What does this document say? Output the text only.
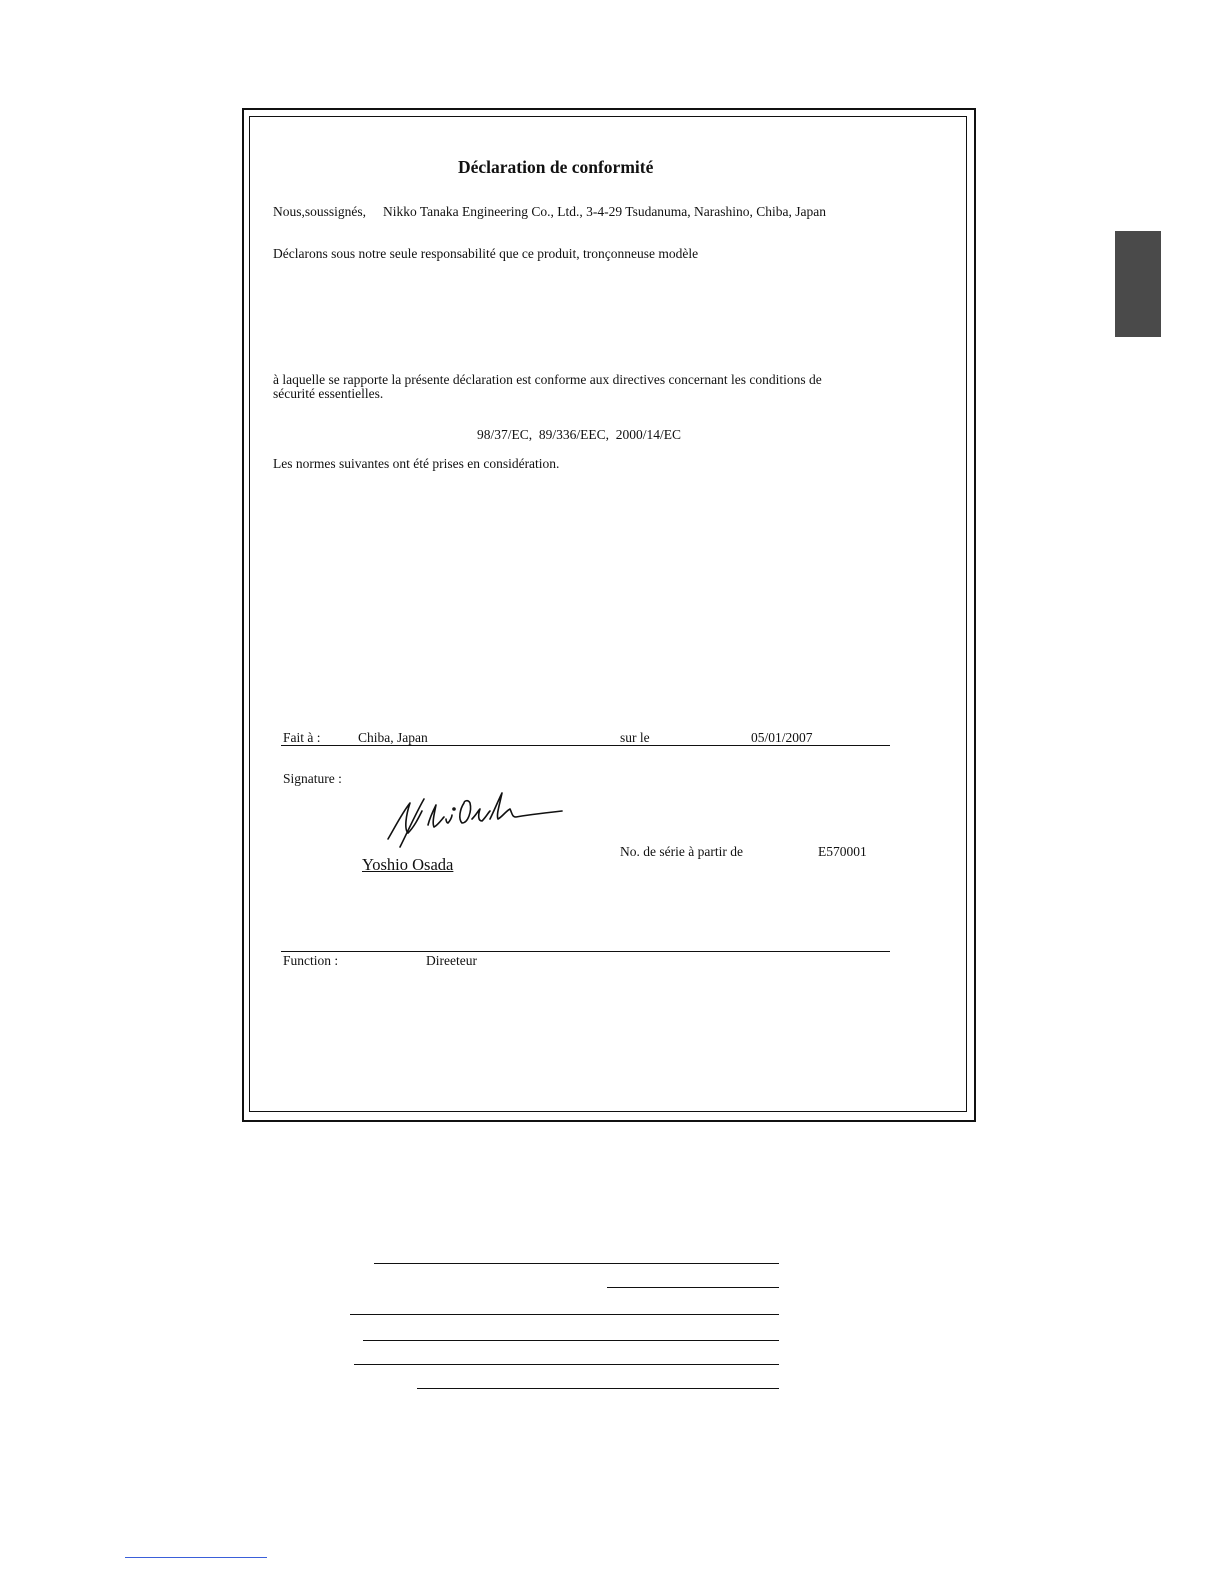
Déclaration de conformité
Nous,soussignés, Nikko Tanaka Engineering Co., Ltd., 3-4-29 Tsudanuma, Narashino, Chiba, Japan
Déclarons sous notre seule responsabilité que ce produit, tronçonneuse modèle
à laquelle se rapporte la présente déclaration est conforme aux directives concernant les conditions de
sécurité essentielles.
98/37/EC,  89/336/EEC,  2000/14/EC
Les normes suivantes ont été prises en considération.
Fait à :	Chiba, Japan	sur le	05/01/2007
Signature :
Yoshio Osada
No. de série à partir de	E570001
Function :	Direeteur
